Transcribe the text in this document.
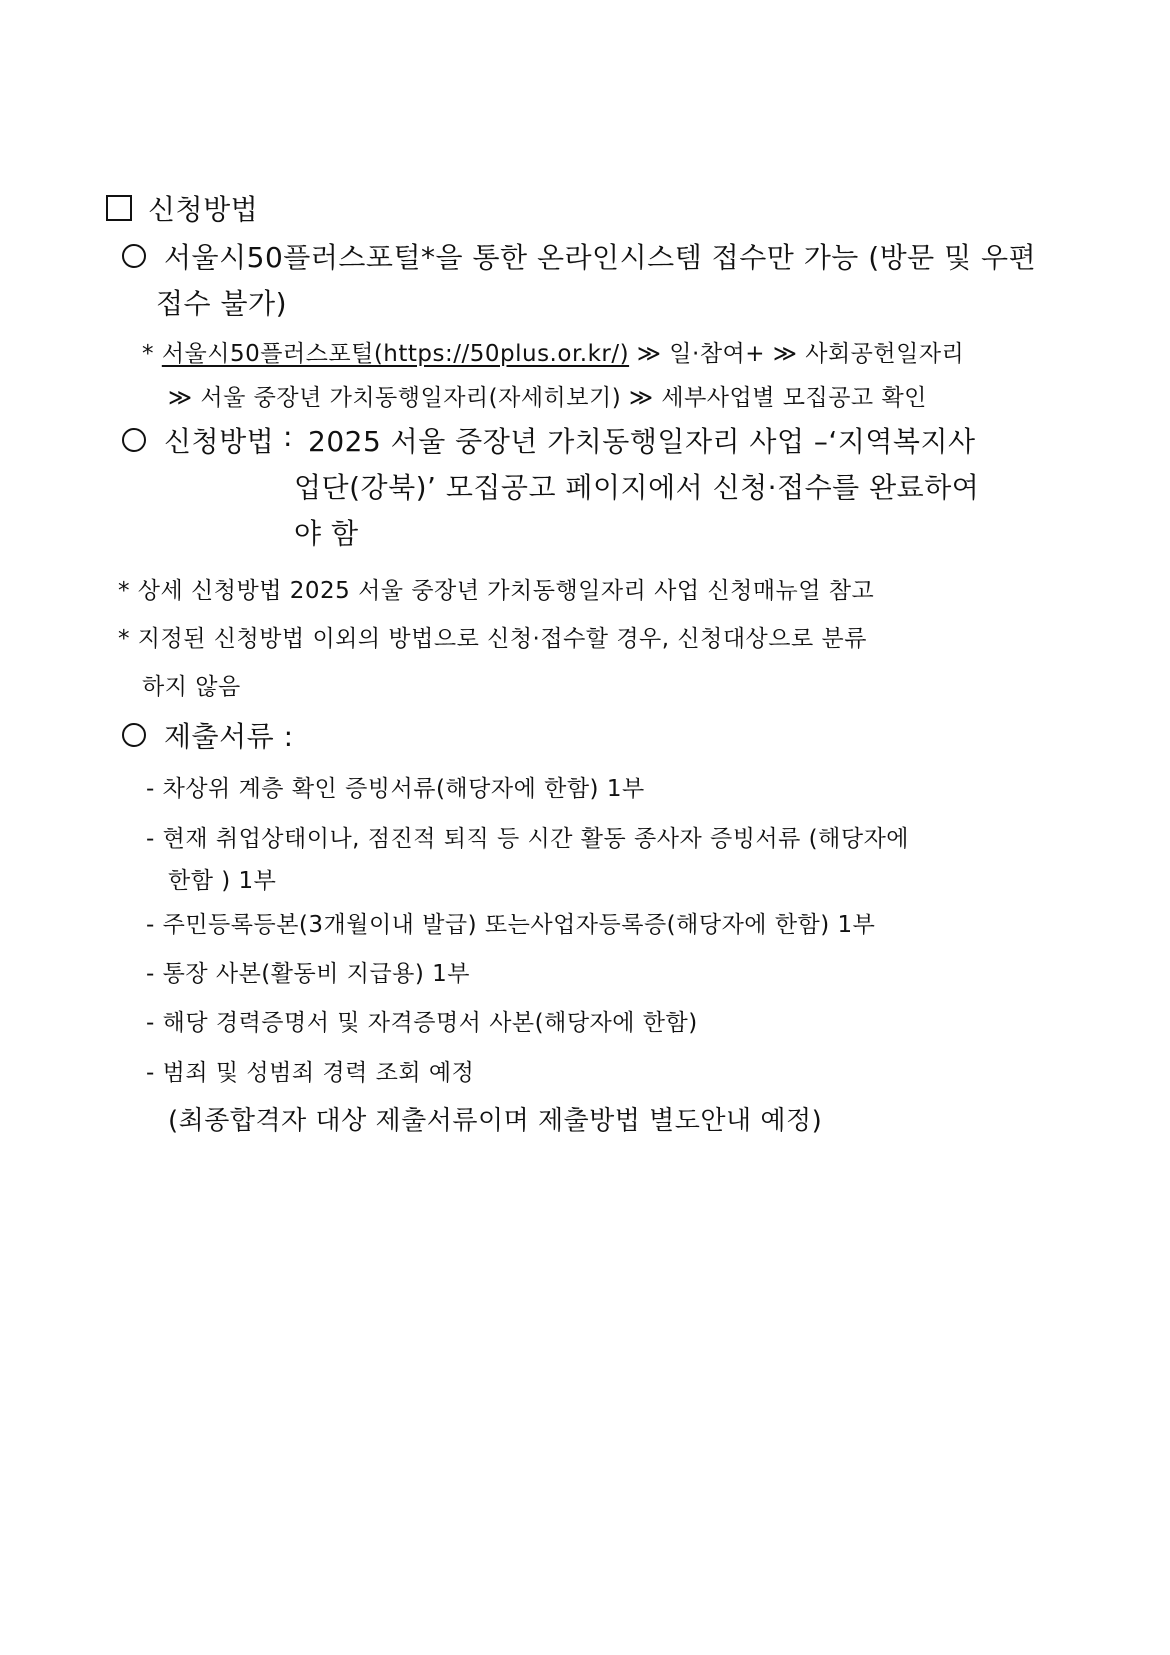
신청방법
서울시50플러스포털*을 통한 온라인시스템 접수만 가능 (방문 및 우편
접수 불가)
* 서울시50플러스포털(https://50plus.or.kr/) ≫ 일·참여+ ≫ 사회공헌일자리
≫ 서울 중장년 가치동행일자리(자세히보기) ≫ 세부사업별 모집공고 확인
신청방법 : 2025 서울 중장년 가치동행일자리 사업 –‘지역복지사
업단(강북)’ 모집공고 페이지에서 신청·접수를 완료하여
야 함
* 상세 신청방법 2025 서울 중장년 가치동행일자리 사업 신청매뉴얼 참고
* 지정된 신청방법 이외의 방법으로 신청·접수할 경우, 신청대상으로 분류
하지 않음
제출서류 :
- 차상위 계층 확인 증빙서류(해당자에 한함) 1부
- 현재 취업상태이나, 점진적 퇴직 등 시간 활동 종사자 증빙서류 (해당자에
한함 ) 1부
- 주민등록등본(3개월이내 발급) 또는사업자등록증(해당자에 한함) 1부
- 통장 사본(활동비 지급용) 1부
- 해당 경력증명서 및 자격증명서 사본(해당자에 한함)
- 범죄 및 성범죄 경력 조회 예정
(최종합격자 대상 제출서류이며 제출방법 별도안내 예정)
